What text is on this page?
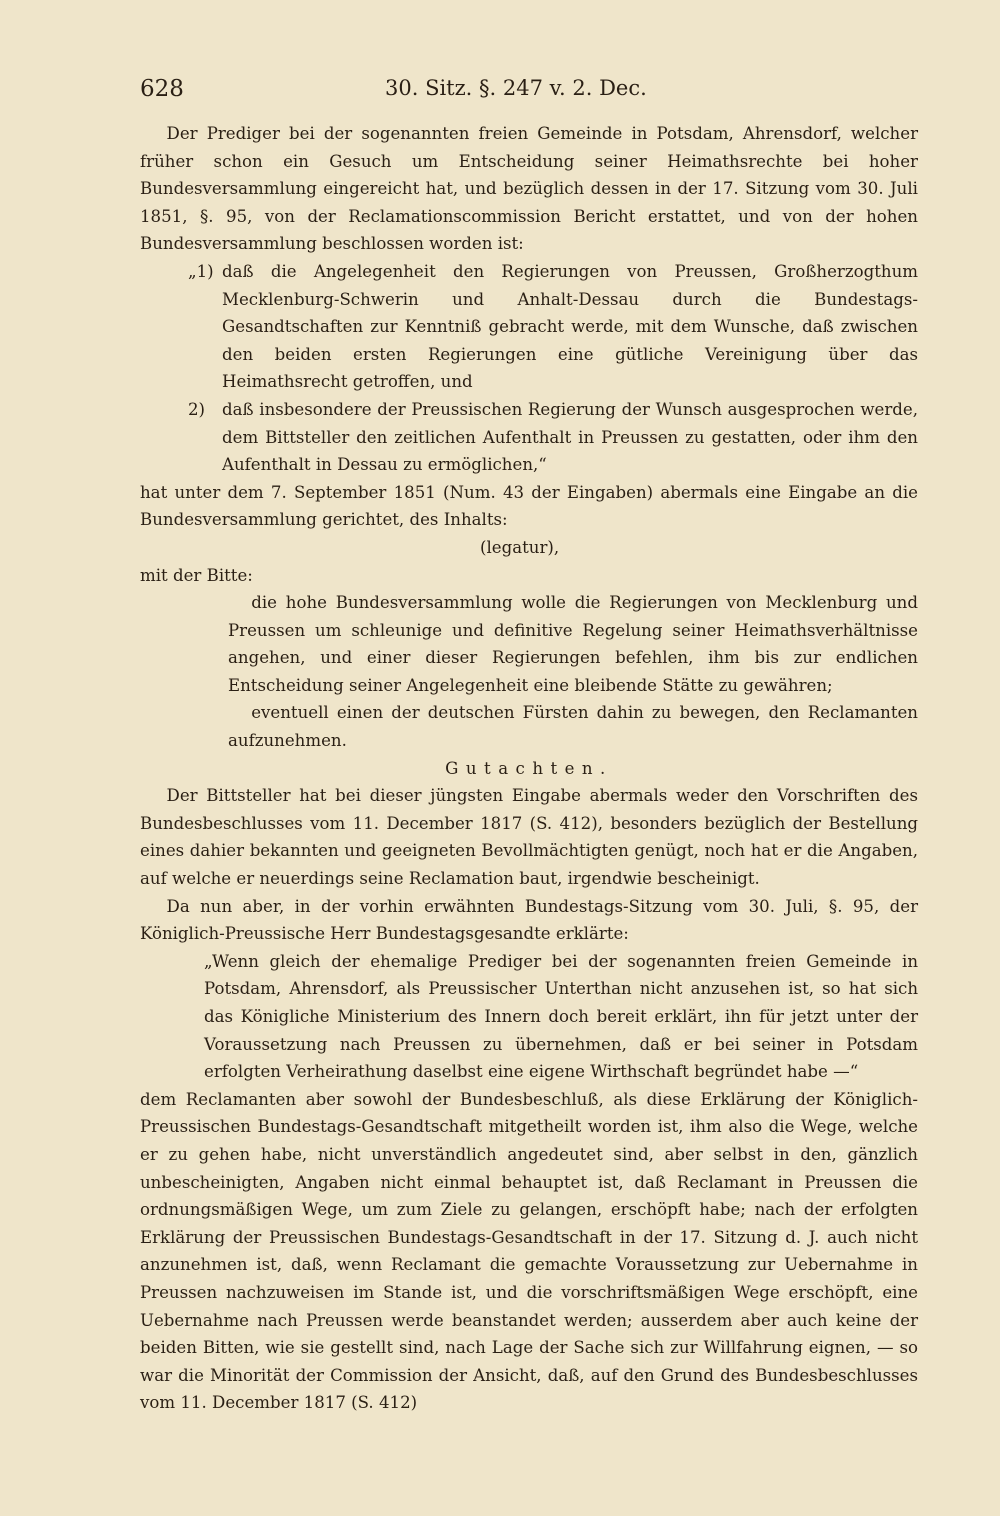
628	30. Sitz. §. 247 v. 2. Dec.

Der Prediger bei der sogenannten freien Gemeinde in Potsdam, Ahrensdorf, welcher früher schon ein Gesuch um Entscheidung seiner Heimathsrechte bei hoher Bundesversammlung eingereicht hat, und bezüglich dessen in der 17. Sitzung vom 30. Juli 1851, §. 95, von der Reclamationscommission Bericht erstattet, und von der hohen Bundesversammlung beschlossen worden ist:

„1) daß die Angelegenheit den Regierungen von Preussen, Großherzogthum Mecklenburg-Schwerin und Anhalt-Dessau durch die Bundestags-Gesandtschaften zur Kenntniß gebracht werde, mit dem Wunsche, daß zwischen den beiden ersten Regierungen eine gütliche Vereinigung über das Heimathsrecht getroffen, und

2) daß insbesondere der Preussischen Regierung der Wunsch ausgesprochen werde, dem Bittsteller den zeitlichen Aufenthalt in Preussen zu gestatten, oder ihm den Aufenthalt in Dessau zu ermöglichen,“

hat unter dem 7. September 1851 (Num. 43 der Eingaben) abermals eine Eingabe an die Bundesversammlung gerichtet, des Inhalts:

(legatur),

mit der Bitte:

die hohe Bundesversammlung wolle die Regierungen von Mecklenburg und Preussen um schleunige und definitive Regelung seiner Heimathsverhältnisse angehen, und einer dieser Regierungen befehlen, ihm bis zur endlichen Entscheidung seiner Angelegenheit eine bleibende Stätte zu gewähren;

eventuell einen der deutschen Fürsten dahin zu bewegen, den Reclamanten aufzunehmen.

Gutachten.

Der Bittsteller hat bei dieser jüngsten Eingabe abermals weder den Vorschriften des Bundesbeschlusses vom 11. December 1817 (S. 412), besonders bezüglich der Bestellung eines dahier bekannten und geeigneten Bevollmächtigten genügt, noch hat er die Angaben, auf welche er neuerdings seine Reclamation baut, irgendwie bescheinigt.

Da nun aber, in der vorhin erwähnten Bundestags-Sitzung vom 30. Juli, §. 95, der Königlich-Preussische Herr Bundestagsgesandte erklärte:

„Wenn gleich der ehemalige Prediger bei der sogenannten freien Gemeinde in Potsdam, Ahrensdorf, als Preussischer Unterthan nicht anzusehen ist, so hat sich das Königliche Ministerium des Innern doch bereit erklärt, ihn für jetzt unter der Voraussetzung nach Preussen zu übernehmen, daß er bei seiner in Potsdam erfolgten Verheirathung daselbst eine eigene Wirthschaft begründet habe —“

dem Reclamanten aber sowohl der Bundesbeschluß, als diese Erklärung der Königlich-Preussischen Bundestags-Gesandtschaft mitgetheilt worden ist, ihm also die Wege, welche er zu gehen habe, nicht unverständlich angedeutet sind, aber selbst in den, gänzlich unbescheinigten, Angaben nicht einmal behauptet ist, daß Reclamant in Preussen die ordnungsmäßigen Wege, um zum Ziele zu gelangen, erschöpft habe; nach der erfolgten Erklärung der Preussischen Bundestags-Gesandtschaft in der 17. Sitzung d. J. auch nicht anzunehmen ist, daß, wenn Reclamant die gemachte Voraussetzung zur Uebernahme in Preussen nachzuweisen im Stande ist, und die vorschriftsmäßigen Wege erschöpft, eine Uebernahme nach Preussen werde beanstandet werden; ausserdem aber auch keine der beiden Bitten, wie sie gestellt sind, nach Lage der Sache sich zur Willfahrung eignen, — so war die Minorität der Commission der Ansicht, daß, auf den Grund des Bundesbeschlusses vom 11. December 1817 (S. 412)
